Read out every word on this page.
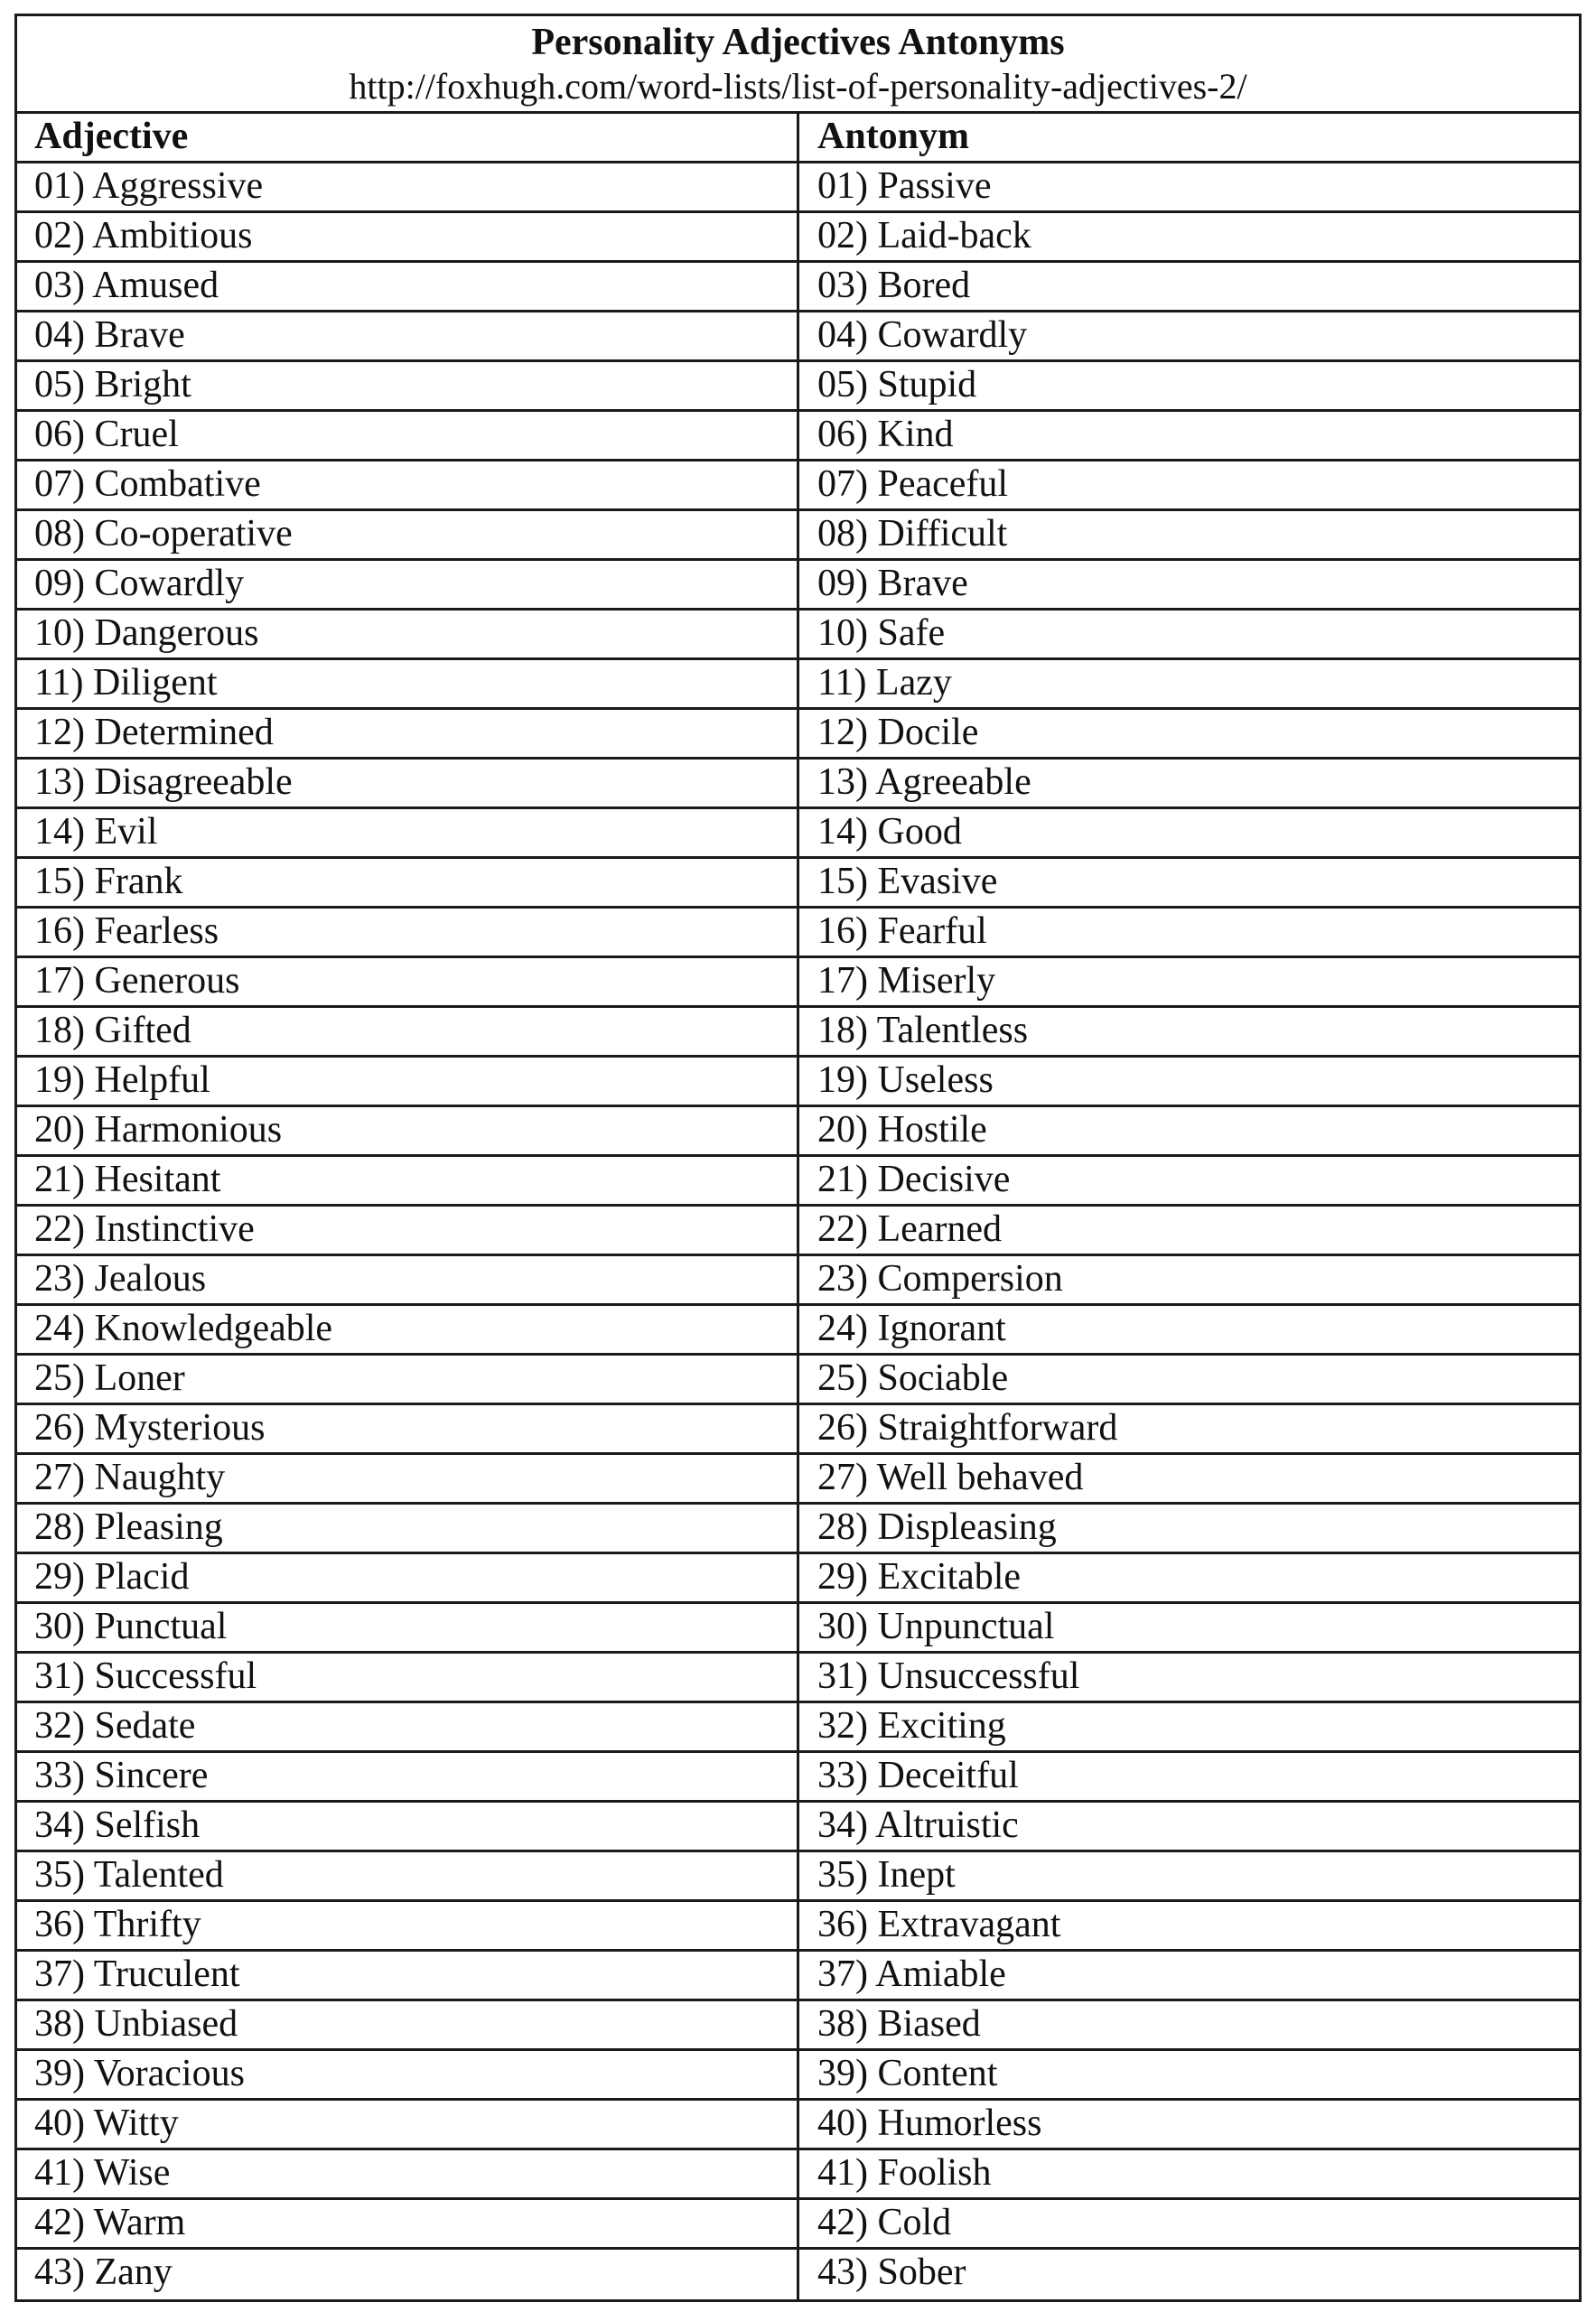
Personality Adjectives Antonyms
http://foxhugh.com/word-lists/list-of-personality-adjectives-2/
Adjective	Antonym
01) Aggressive	01) Passive
02) Ambitious	02) Laid-back
03) Amused	03) Bored
04) Brave	04) Cowardly
05) Bright	05) Stupid
06) Cruel	06) Kind
07) Combative	07) Peaceful
08) Co-operative	08) Difficult
09) Cowardly	09) Brave
10) Dangerous	10) Safe
11) Diligent	11) Lazy
12) Determined	12) Docile
13) Disagreeable	13) Agreeable
14) Evil	14) Good
15) Frank	15) Evasive
16) Fearless	16) Fearful
17) Generous	17) Miserly
18) Gifted	18) Talentless
19) Helpful	19) Useless
20) Harmonious	20) Hostile
21) Hesitant	21) Decisive
22) Instinctive	22) Learned
23) Jealous	23) Compersion
24) Knowledgeable	24) Ignorant
25) Loner	25) Sociable
26) Mysterious	26) Straightforward
27) Naughty	27) Well behaved
28) Pleasing	28) Displeasing
29) Placid	29) Excitable
30) Punctual	30) Unpunctual
31) Successful	31) Unsuccessful
32) Sedate	32) Exciting
33) Sincere	33) Deceitful
34) Selfish	34) Altruistic
35) Talented	35) Inept
36) Thrifty	36) Extravagant
37) Truculent	37) Amiable
38) Unbiased	38) Biased
39) Voracious	39) Content
40) Witty	40) Humorless
41) Wise	41) Foolish
42) Warm	42) Cold
43) Zany	43) Sober
